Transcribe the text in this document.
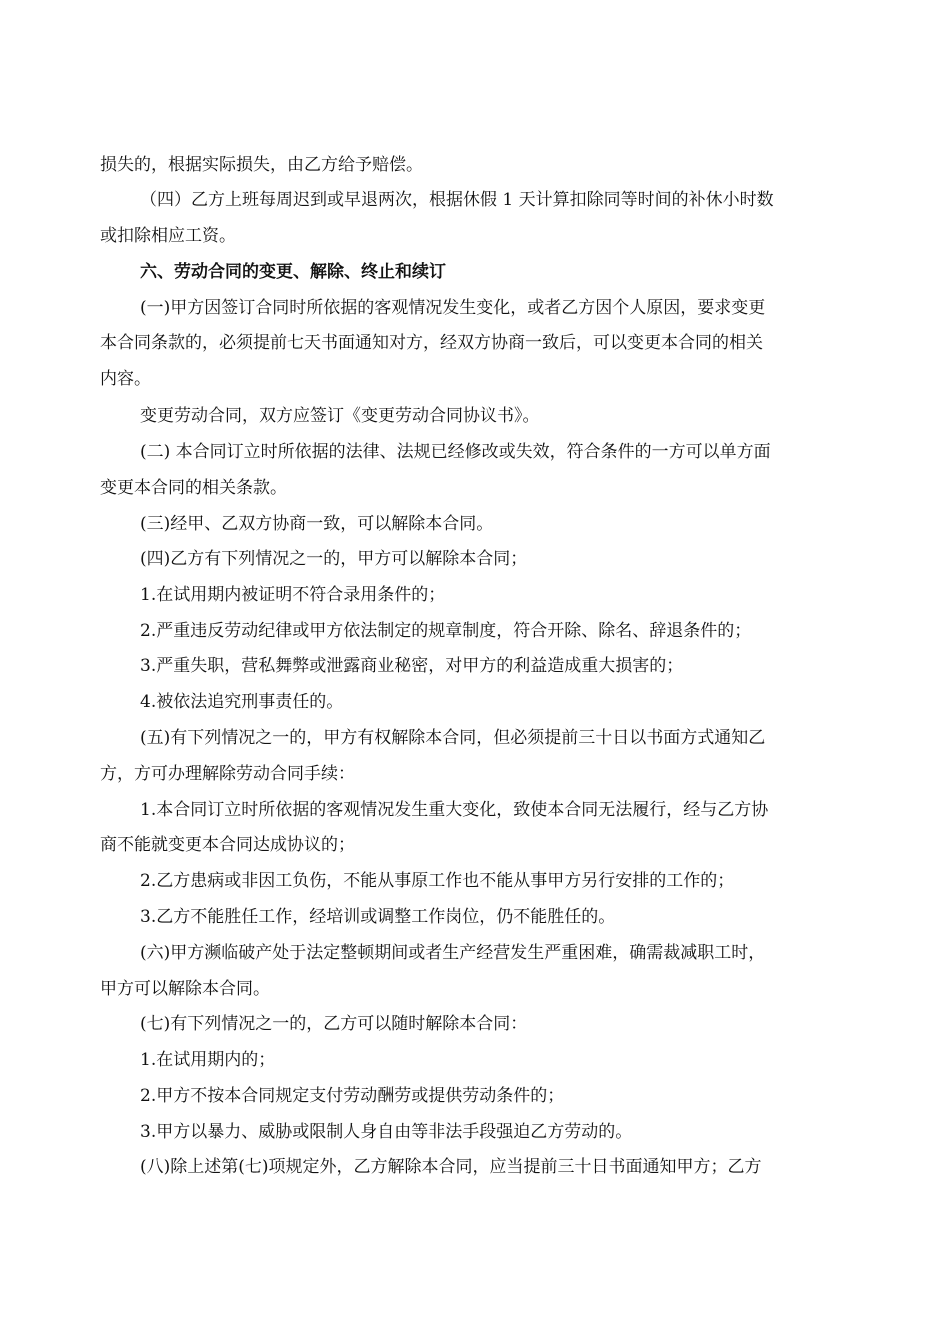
损失的，根据实际损失，由乙方给予赔偿。
（四）乙方上班每周迟到或早退两次，根据休假 1 天计算扣除同等时间的补休小时数
或扣除相应工资。
六、劳动合同的变更、解除、终止和续订
(一)甲方因签订合同时所依据的客观情况发生变化，或者乙方因个人原因，要求变更
本合同条款的，必须提前七天书面通知对方，经双方协商一致后，可以变更本合同的相关
内容。
变更劳动合同，双方应签订《变更劳动合同协议书》。
(二) 本合同订立时所依据的法律、法规已经修改或失效，符合条件的一方可以单方面
变更本合同的相关条款。
(三)经甲、乙双方协商一致，可以解除本合同。
(四)乙方有下列情况之一的，甲方可以解除本合同；
1.在试用期内被证明不符合录用条件的；
2.严重违反劳动纪律或甲方依法制定的规章制度，符合开除、除名、辞退条件的；
3.严重失职，营私舞弊或泄露商业秘密，对甲方的利益造成重大损害的；
4.被依法追究刑事责任的。
(五)有下列情况之一的，甲方有权解除本合同，但必须提前三十日以书面方式通知乙
方，方可办理解除劳动合同手续：
1.本合同订立时所依据的客观情况发生重大变化，致使本合同无法履行，经与乙方协
商不能就变更本合同达成协议的；
2.乙方患病或非因工负伤，不能从事原工作也不能从事甲方另行安排的工作的；
3.乙方不能胜任工作，经培训或调整工作岗位，仍不能胜任的。
(六)甲方濒临破产处于法定整顿期间或者生产经营发生严重困难，确需裁减职工时，
甲方可以解除本合同。
(七)有下列情况之一的，乙方可以随时解除本合同：
1.在试用期内的；
2.甲方不按本合同规定支付劳动酬劳或提供劳动条件的；
3.甲方以暴力、威胁或限制人身自由等非法手段强迫乙方劳动的。
(八)除上述第(七)项规定外，乙方解除本合同，应当提前三十日书面通知甲方；乙方
